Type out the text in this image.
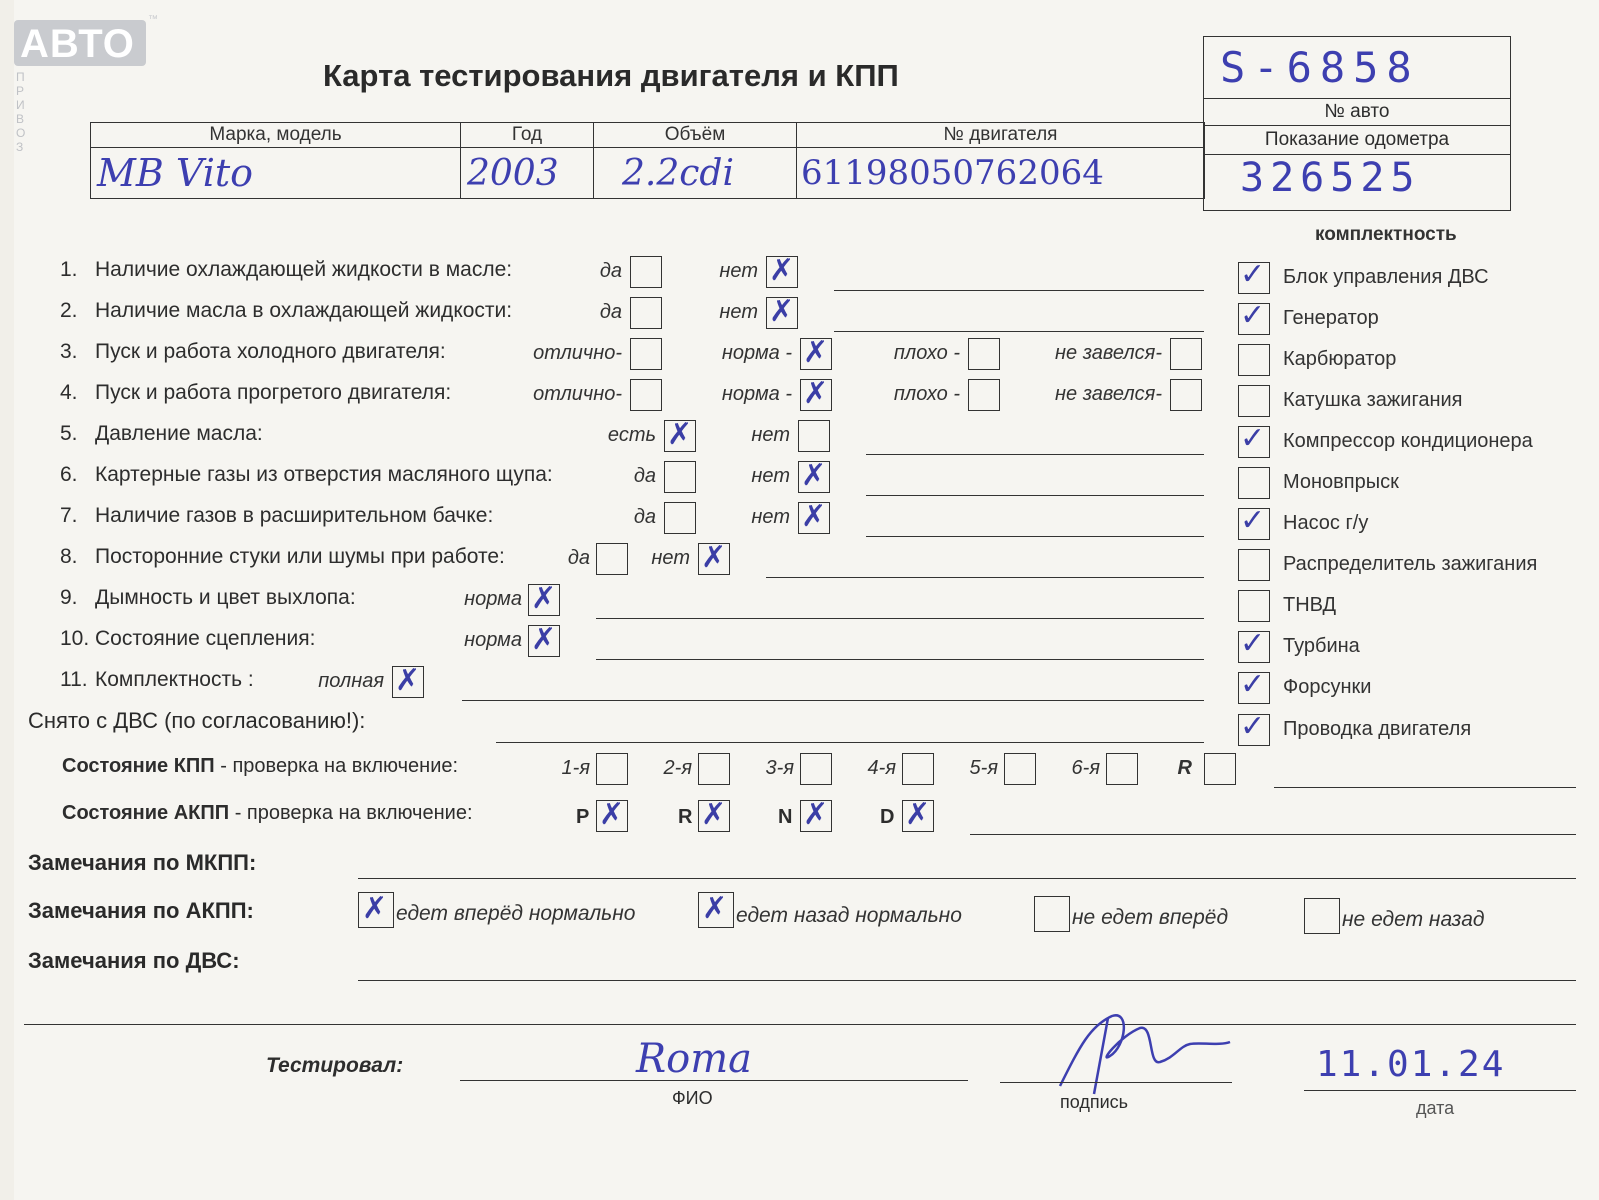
АВТО
™
П Р И В О З
Карта тестирования двигателя и КПП	S-6858
№ авто
Показание одометра
326525
Марка, модель	Год	Объём	№ двигателя
MB Vito	2003	2.2cdi	61198050762064
комплектность
✓ Блок управления ДВС
✓ Генератор
Карбюратор
Катушка зажигания
✓ Компрессор кондиционера
Моновпрыск
✓ Насос г/у
Распределитель зажигания
ТНВД
✓ Турбина
✓ Форсунки
✓ Проводка двигателя
1. Наличие охлаждающей жидкости в масле:	да	нет ✗
2. Наличие масла в охлаждающей жидкости:	да	нет ✗
3. Пуск и работа холодного двигателя:	отлично-	норма - ✗	плохо -	не завелся-
4. Пуск и работа прогретого двигателя:	отлично-	норма - ✗	плохо -	не завелся-
5. Давление масла:	есть ✗	нет
6. Картерные газы из отверстия масляного щупа:	да	нет ✗
7. Наличие газов в расширительном бачке:	да	нет ✗
8. Посторонние стуки или шумы при работе:	да	нет ✗
9. Дымность и цвет выхлопа:	норма ✗
10. Состояние сцепления:	норма ✗
11. Комплектность :	полная ✗
Снято с ДВС (по согласованию!):
Состояние КПП - проверка на включение:	1-я	2-я	3-я	4-я	5-я	6-я	R
Состояние АКПП - проверка на включение:	P ✗	R ✗	N ✗	D ✗
Замечания по МКПП:
Замечания по АКПП:	✗ едет вперёд нормально ✗ едет назад нормально	не едет вперёд	не едет назад
Замечания по ДВС:
Тестировал:	Roma
ФИО	подпись
11.01.24
дата
